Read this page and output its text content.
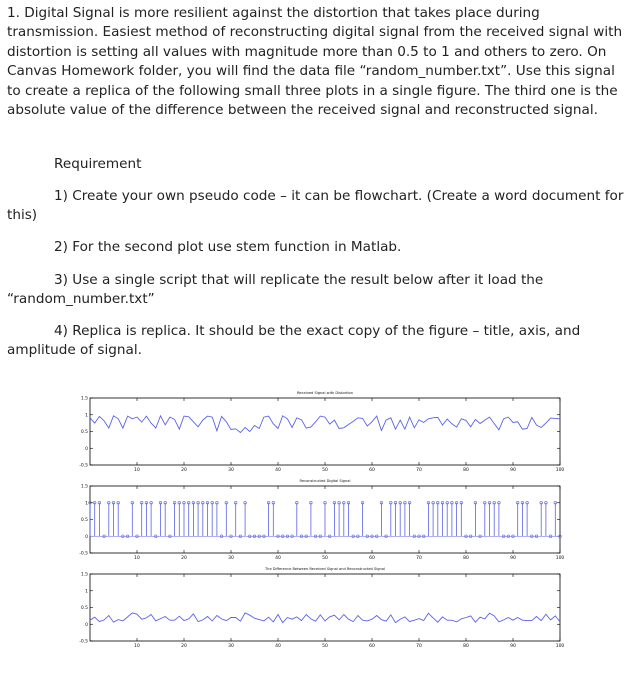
1. Digital Signal is more resilient against the distortion that takes place during transmission. Easiest method of reconstructing digital signal from the received signal with distortion is setting all values with magnitude more than 0.5 to 1 and others to zero. On Canvas Homework folder, you will find the data file “random_number.txt”. Use this signal to create a replica of the following small three plots in a single figure. The third one is the absolute value of the difference between the received signal and reconstructed signal.

Requirement

1) Create your own pseudo code – it can be flowchart. (Create a word document for this)

2) For the second plot use stem function in Matlab.

3) Use a single script that will replicate the result below after it load the “random_number.txt”

4) Replica is replica. It should be the exact copy of the figure – title, axis, and amplitude of signal.

Received Signal with Distortion
1.5
1
0.5
0
-0.5
10	20	30	40	50	60	70	80	90	100
Reconstructed Digital Signal
1.5
1
0.5
0
-0.5
10	20	30	40	50	60	70	80	90	100
The Difference Between Received Signal and Reconstructed Signal
1.5
1
0.5
0
-0.5
10	20	30	40	50	60	70	80	90	100
